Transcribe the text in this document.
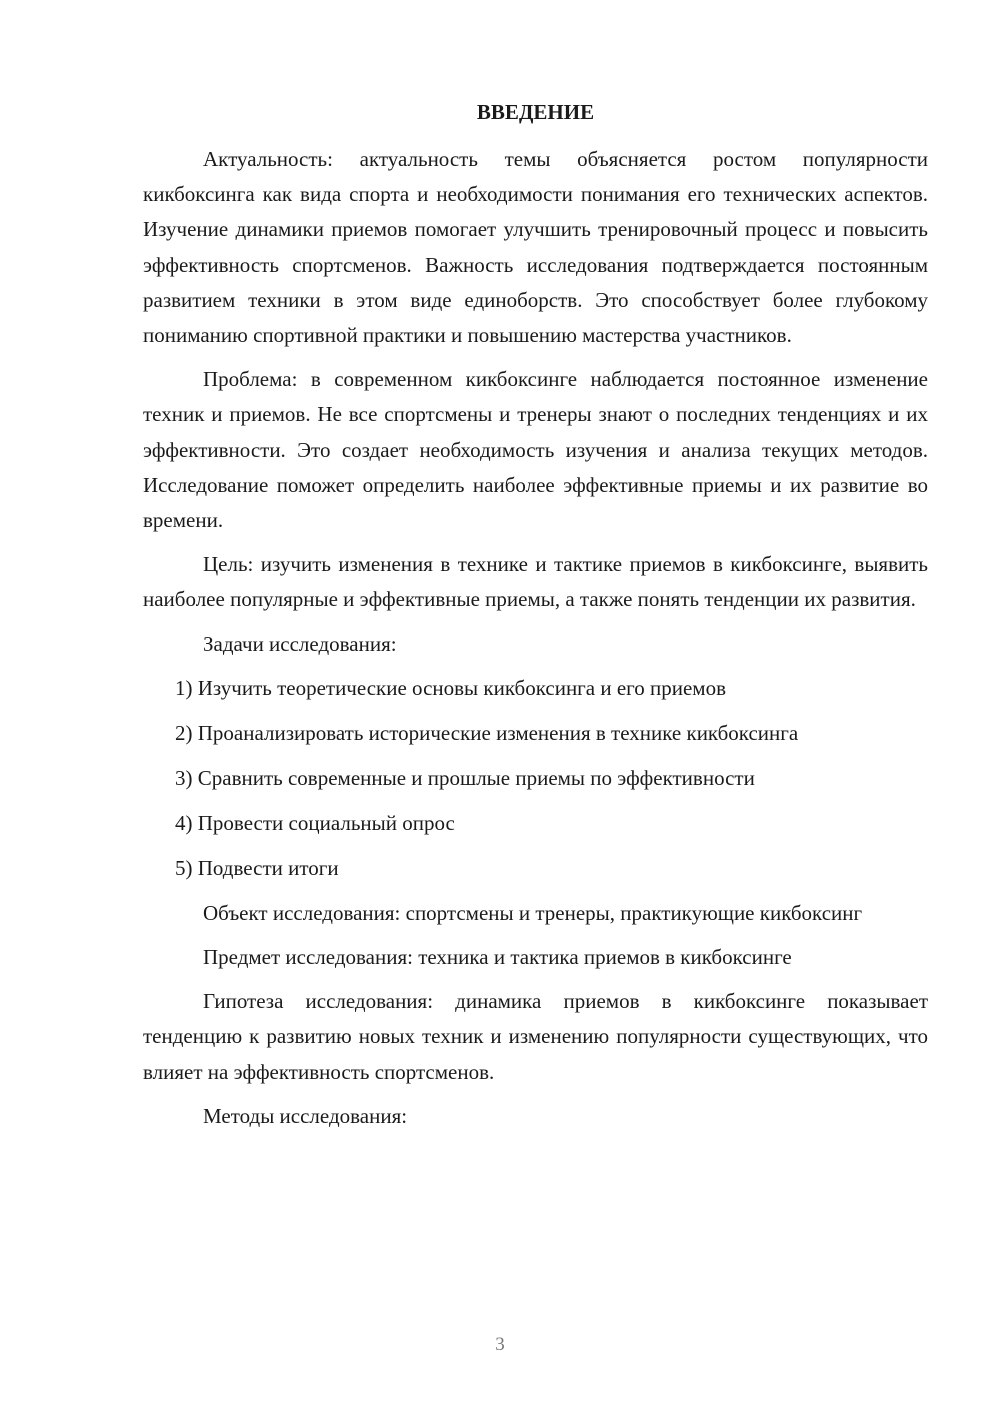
ВВЕДЕНИЕ

Актуальность: актуальность темы объясняется ростом популярности кикбоксинга как вида спорта и необходимости понимания его технических аспектов. Изучение динамики приемов помогает улучшить тренировочный процесс и повысить эффективность спортсменов. Важность исследования подтверждается постоянным развитием техники в этом виде единоборств. Это способствует более глубокому пониманию спортивной практики и повышению мастерства участников.

Проблема: в современном кикбоксинге наблюдается постоянное изменение техник и приемов. Не все спортсмены и тренеры знают о последних тенденциях и их эффективности. Это создает необходимость изучения и анализа текущих методов. Исследование поможет определить наиболее эффективные приемы и их развитие во времени.

Цель: изучить изменения в технике и тактике приемов в кикбоксинге, выявить наиболее популярные и эффективные приемы, а также понять тенденции их развития.

Задачи исследования:

1) Изучить теоретические основы кикбоксинга и его приемов
2) Проанализировать исторические изменения в технике кикбоксинга
3) Сравнить современные и прошлые приемы по эффективности
4) Провести социальный опрос
5) Подвести итоги

Объект исследования: спортсмены и тренеры, практикующие кикбоксинг

Предмет исследования: техника и тактика приемов в кикбоксинге

Гипотеза исследования: динамика приемов в кикбоксинге показывает тенденцию к развитию новых техник и изменению популярности существующих, что влияет на эффективность спортсменов.

Методы исследования:

3
